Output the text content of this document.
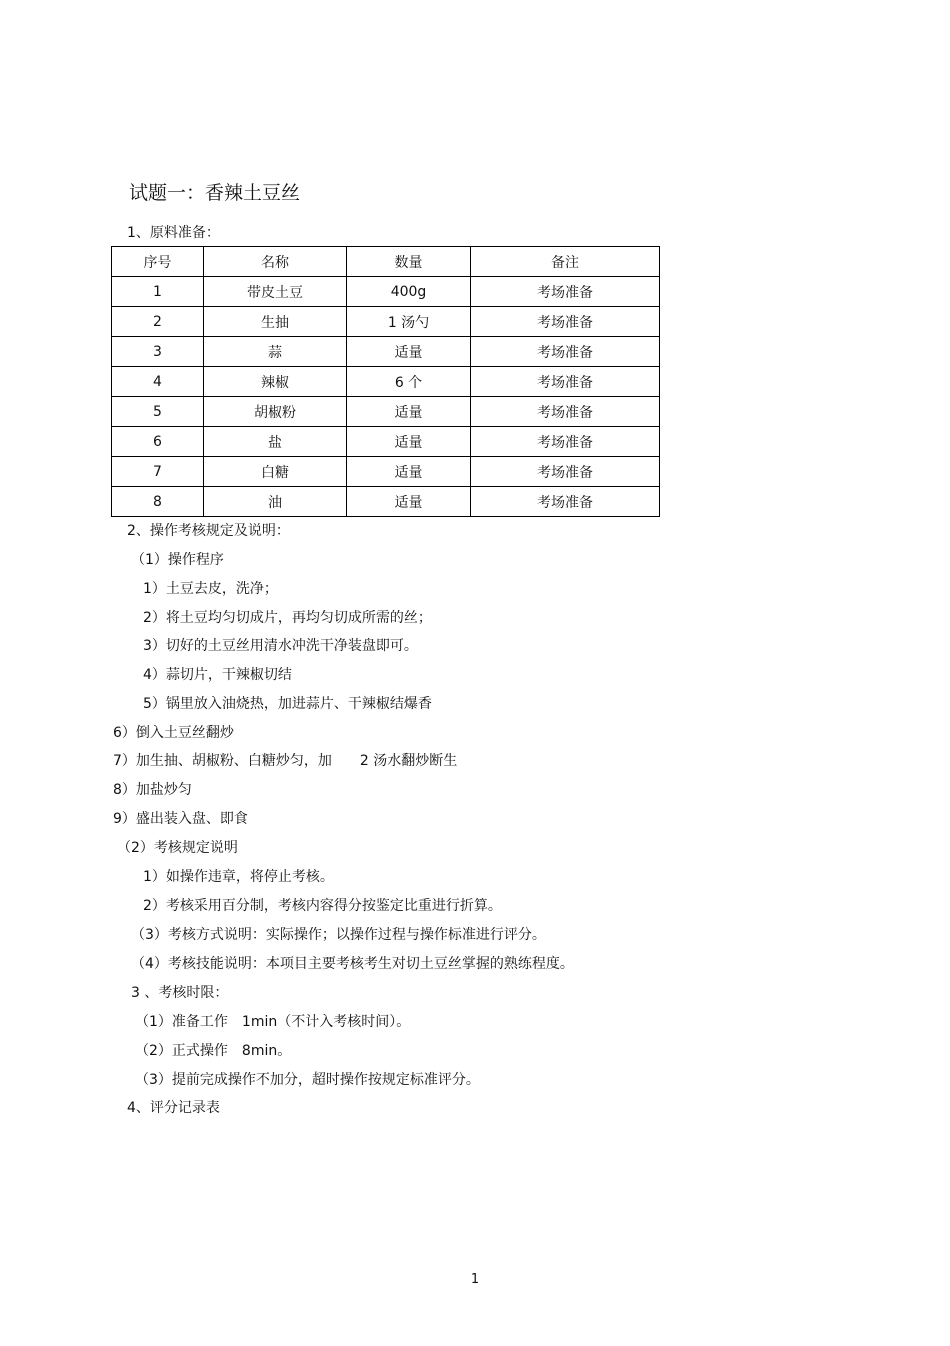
试题一：香辣土豆丝
1、原料准备：
序号	名称	数量	备注
1	带皮土豆	400g	考场准备
2	生抽	1 汤勺	考场准备
3	蒜	适量	考场准备
4	辣椒	6 个	考场准备
5	胡椒粉	适量	考场准备
6	盐	适量	考场准备
7	白糖	适量	考场准备
8	油	适量	考场准备
2、操作考核规定及说明：
（1）操作程序
1）土豆去皮，洗净；
2）将土豆均匀切成片，再均匀切成所需的丝；
3）切好的土豆丝用清水冲洗干净装盘即可。
4）蒜切片，干辣椒切结
5）锅里放入油烧热，加进蒜片、干辣椒结爆香
6）倒入土豆丝翻炒
7）加生抽、胡椒粉、白糖炒匀，加　　2 汤水翻炒断生
8）加盐炒匀
9）盛出装入盘、即食
（2）考核规定说明
1）如操作违章，将停止考核。
2）考核采用百分制，考核内容得分按鉴定比重进行折算。
（3）考核方式说明：实际操作；以操作过程与操作标准进行评分。
（4）考核技能说明：本项目主要考核考生对切土豆丝掌握的熟练程度。
3 、考核时限：
（1）准备工作　1min（不计入考核时间）。
（2）正式操作　8min。
（3）提前完成操作不加分，超时操作按规定标准评分。
4、评分记录表
1
